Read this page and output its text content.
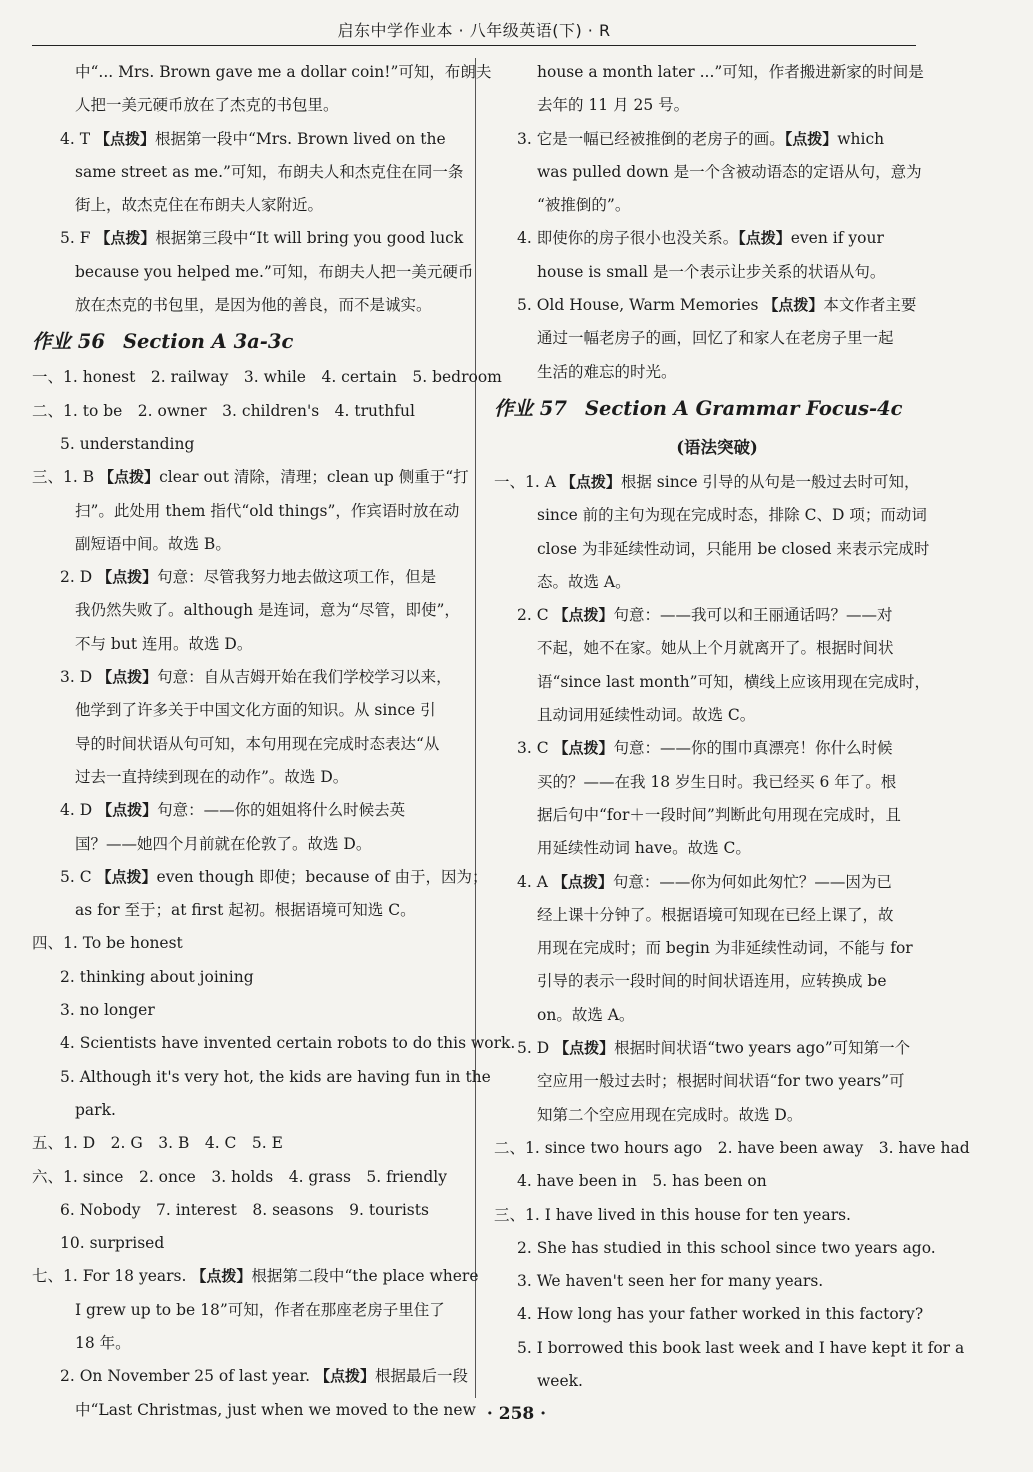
启东中学作业本 · 八年级英语(下) · R
中“... Mrs. Brown gave me a dollar coin!”可知，布朗夫
人把一美元硬币放在了杰克的书包里。
4. T 【点拨】根据第一段中“Mrs. Brown lived on the
same street as me.”可知，布朗夫人和杰克住在同一条
街上，故杰克住在布朗夫人家附近。
5. F 【点拨】根据第三段中“It will bring you good luck
because you helped me.”可知，布朗夫人把一美元硬币
放在杰克的书包里，是因为他的善良，而不是诚实。
作业 56 Section A 3a-3c
一、1. honest　2. railway　3. while　4. certain　5. bedroom
二、1. to be　2. owner　3. children's　4. truthful
5. understanding
三、1. B 【点拨】clear out 清除，清理；clean up 侧重于“打
扫”。此处用 them 指代“old things”，作宾语时放在动
副短语中间。故选 B。
2. D 【点拨】句意：尽管我努力地去做这项工作，但是
我仍然失败了。although 是连词，意为“尽管，即使”，
不与 but 连用。故选 D。
3. D 【点拨】句意：自从吉姆开始在我们学校学习以来，
他学到了许多关于中国文化方面的知识。从 since 引
导的时间状语从句可知，本句用现在完成时态表达“从
过去一直持续到现在的动作”。故选 D。
4. D 【点拨】句意：——你的姐姐将什么时候去英
国？——她四个月前就在伦敦了。故选 D。
5. C 【点拨】even though 即使；because of 由于，因为；
as for 至于；at first 起初。根据语境可知选 C。
四、1. To be honest
2. thinking about joining
3. no longer
4. Scientists have invented certain robots to do this work.
5. Although it's very hot, the kids are having fun in the
park.
五、1. D　2. G　3. B　4. C　5. E
六、1. since　2. once　3. holds　4. grass　5. friendly
6. Nobody　7. interest　8. seasons　9. tourists
10. surprised
七、1. For 18 years. 【点拨】根据第二段中“the place where
I grew up to be 18”可知，作者在那座老房子里住了
18 年。
2. On November 25 of last year. 【点拨】根据最后一段
中“Last Christmas, just when we moved to the new
house a month later ...”可知，作者搬进新家的时间是
去年的 11 月 25 号。
3. 它是一幅已经被推倒的老房子的画。【点拨】which
was pulled down 是一个含被动语态的定语从句，意为
“被推倒的”。
4. 即使你的房子很小也没关系。【点拨】even if your
house is small 是一个表示让步关系的状语从句。
5. Old House, Warm Memories 【点拨】本文作者主要
通过一幅老房子的画，回忆了和家人在老房子里一起
生活的难忘的时光。
作业 57 Section A Grammar Focus-4c
(语法突破)
一、1. A 【点拨】根据 since 引导的从句是一般过去时可知，
since 前的主句为现在完成时态，排除 C、D 项；而动词
close 为非延续性动词，只能用 be closed 来表示完成时
态。故选 A。
2. C 【点拨】句意：——我可以和王丽通话吗？——对
不起，她不在家。她从上个月就离开了。根据时间状
语“since last month”可知，横线上应该用现在完成时，
且动词用延续性动词。故选 C。
3. C 【点拨】句意：——你的围巾真漂亮！你什么时候
买的？——在我 18 岁生日时。我已经买 6 年了。根
据后句中“for＋一段时间”判断此句用现在完成时，且
用延续性动词 have。故选 C。
4. A 【点拨】句意：——你为何如此匆忙？——因为已
经上课十分钟了。根据语境可知现在已经上课了，故
用现在完成时；而 begin 为非延续性动词，不能与 for
引导的表示一段时间的时间状语连用，应转换成 be
on。故选 A。
5. D 【点拨】根据时间状语“two years ago”可知第一个
空应用一般过去时；根据时间状语“for two years”可
知第二个空应用现在完成时。故选 D。
二、1. since two hours ago　2. have been away　3. have had
4. have been in　5. has been on
三、1. I have lived in this house for ten years.
2. She has studied in this school since two years ago.
3. We haven't seen her for many years.
4. How long has your father worked in this factory?
5. I borrowed this book last week and I have kept it for a
week.
· 258 ·
